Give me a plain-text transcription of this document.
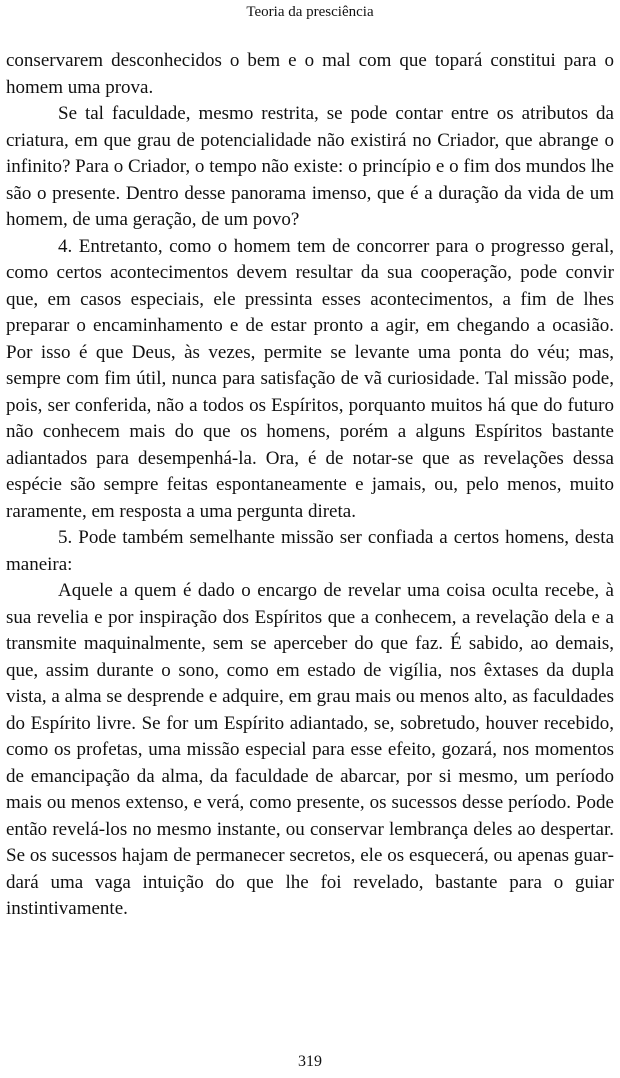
Teoria da presciência

conservarem desconhecidos o bem e o mal com que topará constitui para o homem uma prova.

Se tal faculdade, mesmo restrita, se pode contar entre os atributos da criatura, em que grau de potencialidade não existirá no Criador, que abrange o infinito? Para o Criador, o tempo não existe: o princípio e o fim dos mundos lhe são o presente. Dentro desse panorama imenso, que é a duração da vida de um homem, de uma geração, de um povo?

4. Entretanto, como o homem tem de concorrer para o progresso geral, como certos acontecimentos devem resultar da sua cooperação, pode convir que, em casos especiais, ele pressinta esses acontecimentos, a fim de lhes preparar o encaminhamento e de estar pronto a agir, em chegando a ocasião. Por isso é que Deus, às vezes, permite se levante uma ponta do véu; mas, sempre com fim útil, nunca para satisfação de vã curiosidade. Tal missão pode, pois, ser conferida, não a todos os Espíritos, porquanto muitos há que do futuro não conhecem mais do que os homens, porém a alguns Espíritos bastante adiantados para desempenhá-la. Ora, é de notar-se que as revelações dessa espécie são sempre feitas espontaneamente e jamais, ou, pelo menos, muito raramente, em resposta a uma pergunta direta.

5. Pode também semelhante missão ser confiada a certos homens, desta maneira:

Aquele a quem é dado o encargo de revelar uma coisa oculta recebe, à sua revelia e por inspiração dos Espíritos que a conhecem, a revelação dela e a transmite maquinalmente, sem se aperceber do que faz. É sabido, ao demais, que, assim durante o sono, como em estado de vigília, nos êxtases da dupla vista, a alma se desprende e adquire, em grau mais ou menos alto, as faculdades do Espírito livre. Se for um Espírito adiantado, se, sobretudo, houver recebido, como os profetas, uma missão especial para esse efeito, gozará, nos momentos de emancipação da alma, da faculdade de abarcar, por si mesmo, um período mais ou menos extenso, e verá, como presente, os sucessos desse período. Pode então revelá-los no mesmo instante, ou conservar lembrança deles ao despertar. Se os sucessos hajam de permanecer secretos, ele os esquecerá, ou apenas guardará uma vaga intuição do que lhe foi revelado, bastante para o guiar instintivamente.

319
